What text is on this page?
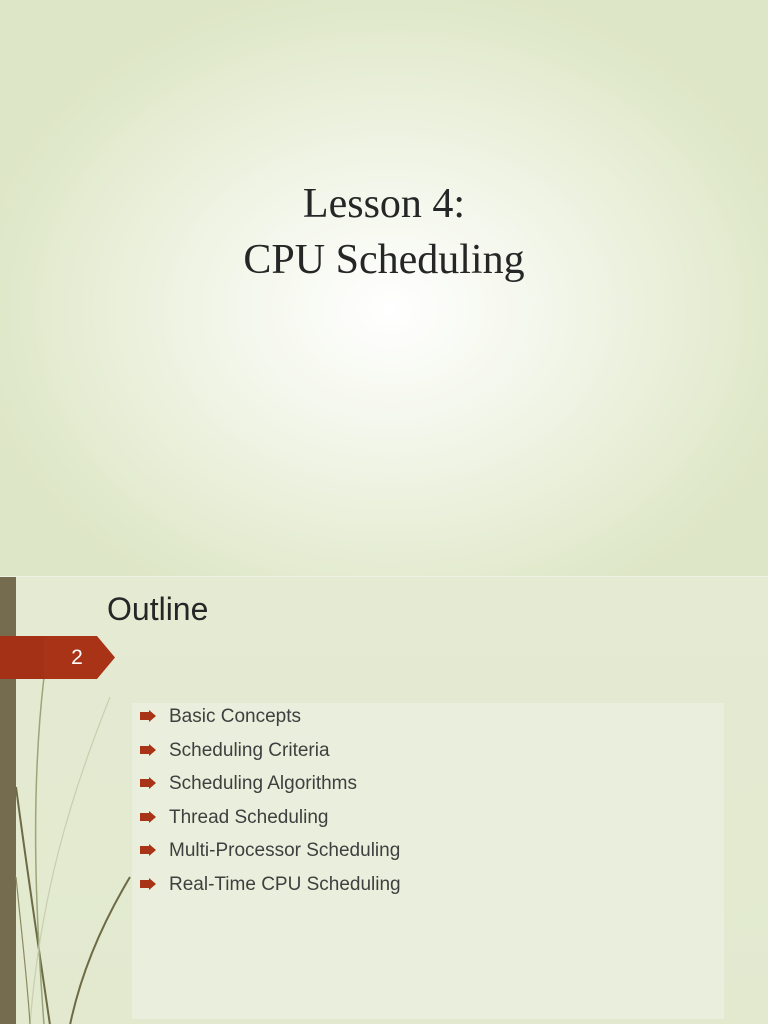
Lesson 4:
CPU Scheduling
Outline
2
Basic Concepts
Scheduling Criteria
Scheduling Algorithms
Thread Scheduling
Multi-Processor Scheduling
Real-Time CPU Scheduling
